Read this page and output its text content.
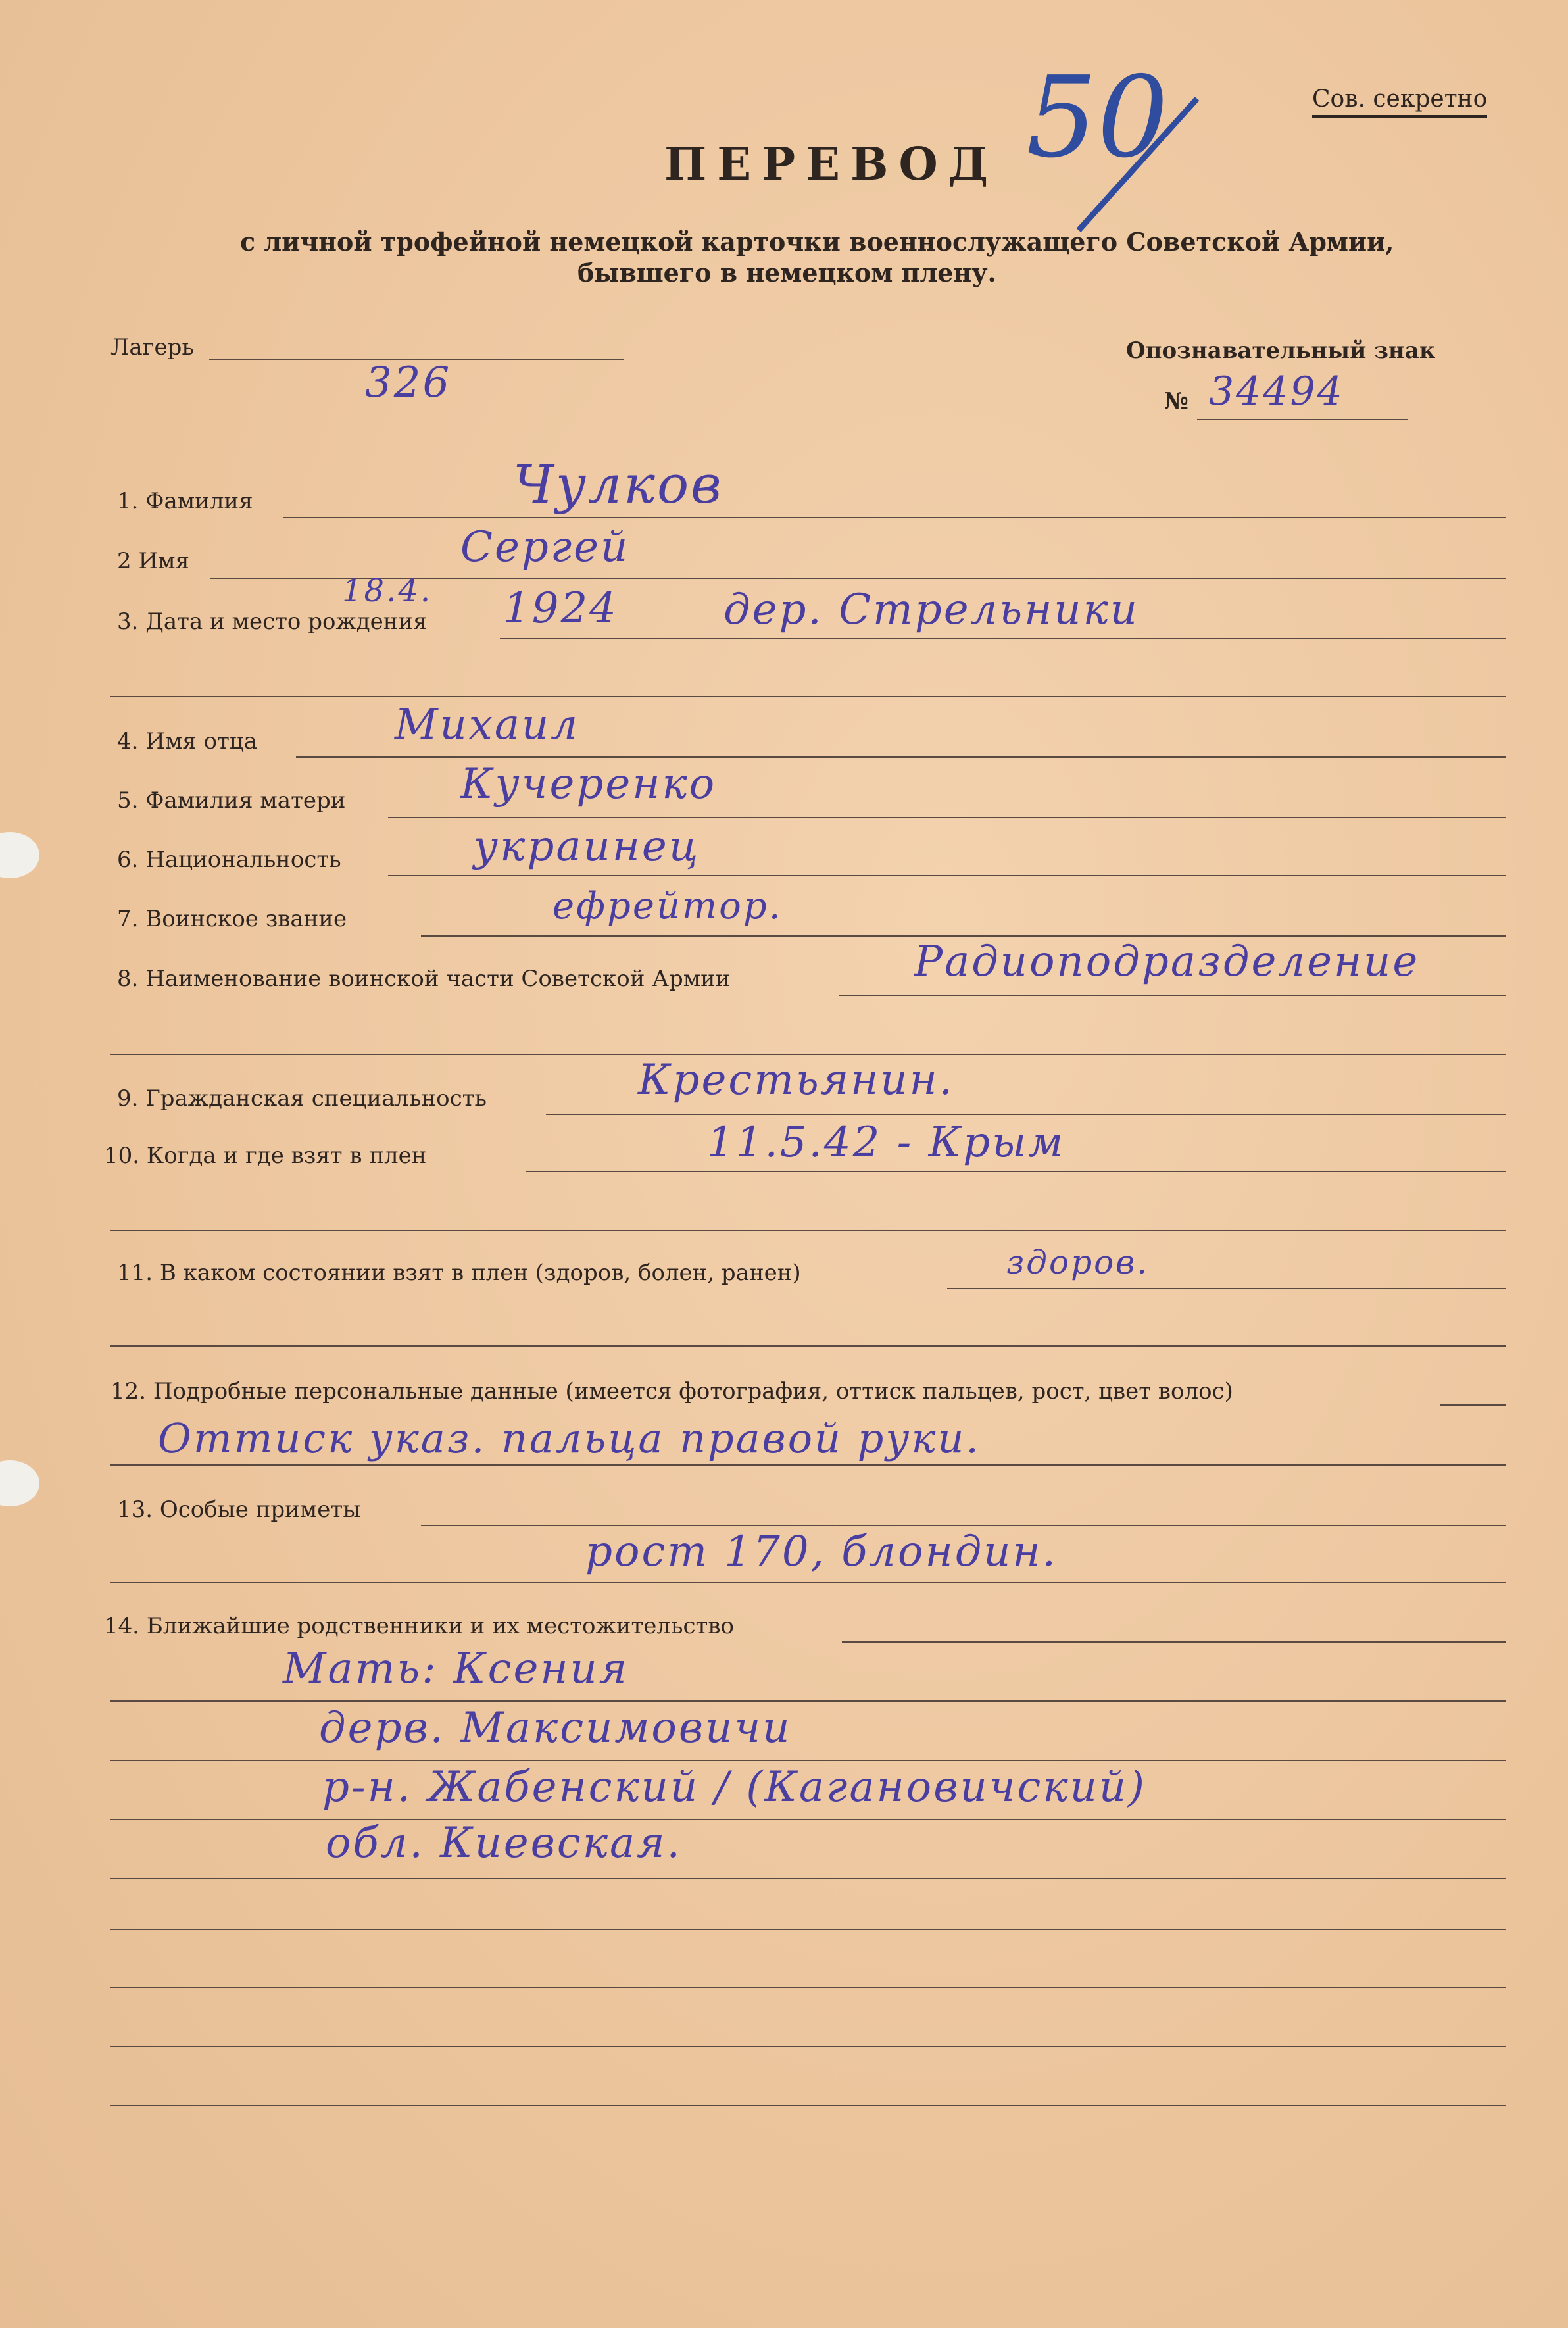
Сов. секретно
ПЕРЕВОД 50
с личной трофейной немецкой карточки военнослужащего Советской Армии,
бывшего в немецком плену.
Лагерь
326
Опознавательный знак
№ 34494
1. Фамилия	Чулков
2 Имя	Сергей
3. Дата и место рождения
18.4. 1924	дер. Стрельники
4. Имя отца	Михаил
5. Фамилия матери	Кучеренко
6. Национальность	украинец
7. Воинское звание	ефрейтор.
8. Наименование воинской части Советской Армии	Радиоподразделение
9. Гражданская специальность	Крестьянин.
10. Когда и где взят в плен	11.5.42 - Крым
11. В каком состоянии взят в плен (здоров, болен, ранен)	здоров.
12. Подробные персональные данные (имеется фотография, оттиск пальцев, рост, цвет волос)
Оттиск указ. пальца правой руки.
13. Особые приметы
рост 170, блондин.
14. Ближайшие родственники и их местожительство
Мать: Ксения
дерв. Максимовичи
р-н. Жабенский / (Кагановичский)
обл. Киевская.
